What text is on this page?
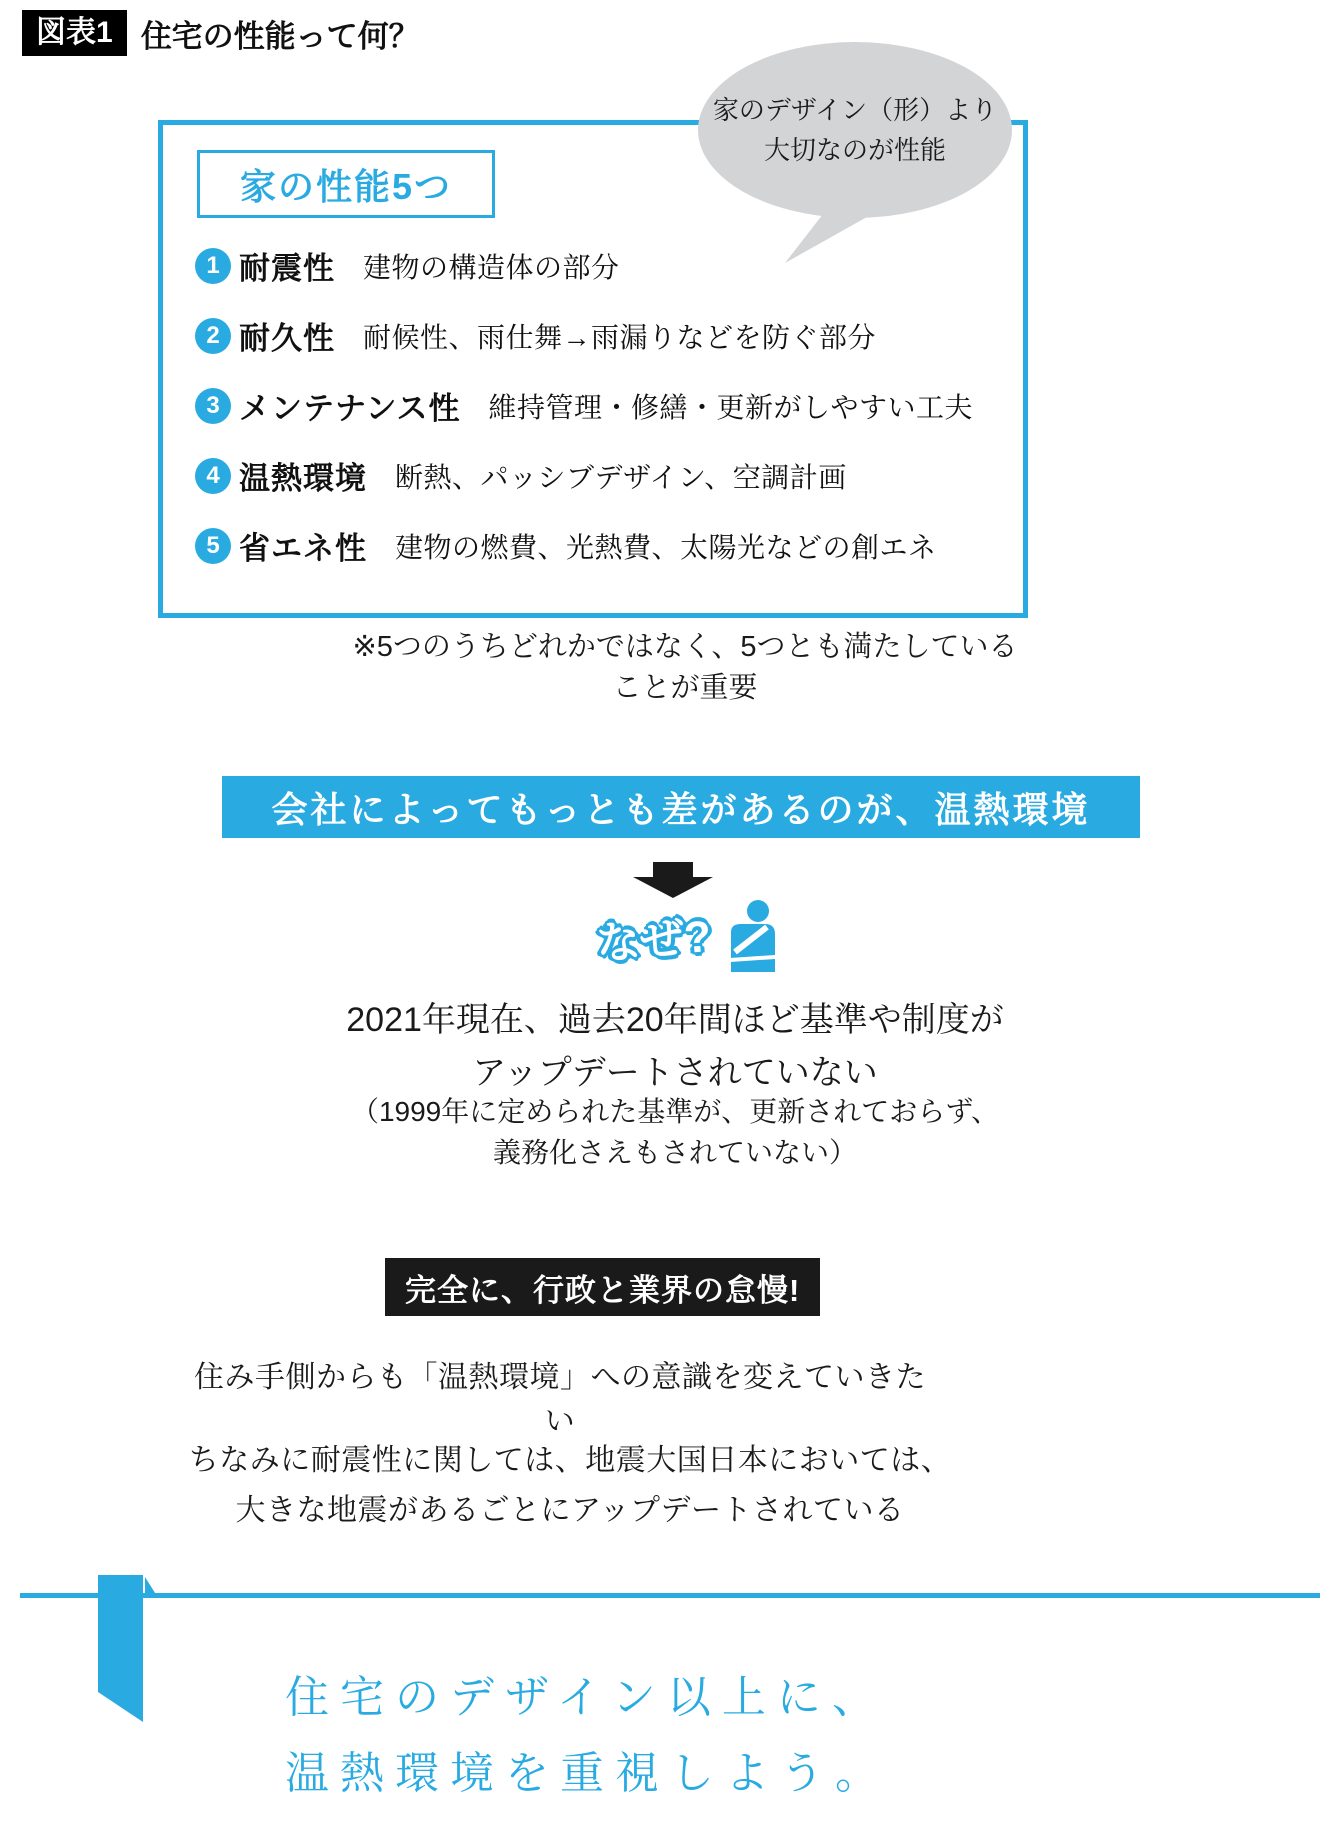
図表1 住宅の性能って何？
家の性能5つ
1 耐震性 建物の構造体の部分
2 耐久性 耐候性、雨仕舞→雨漏りなどを防ぐ部分
3 メンテナンス性 維持管理・修繕・更新がしやすい工夫
4 温熱環境 断熱、パッシブデザイン、空調計画
5 省エネ性 建物の燃費、光熱費、太陽光などの創エネ
家のデザイン（形）より
大切なのが性能
※5つのうちどれかではなく、5つとも満たしていることが重要
会社によってもっとも差があるのが、温熱環境
なぜ?
2021年現在、過去20年間ほど基準や制度が
アップデートされていない
（1999年に定められた基準が、更新されておらず、
義務化さえもされていない）
完全に、行政と業界の怠慢!
住み手側からも「温熱環境」への意識を変えていきたい
ちなみに耐震性に関しては、地震大国日本においては、
大きな地震があるごとにアップデートされている
住宅のデザイン以上に、
温熱環境を重視しよう。
